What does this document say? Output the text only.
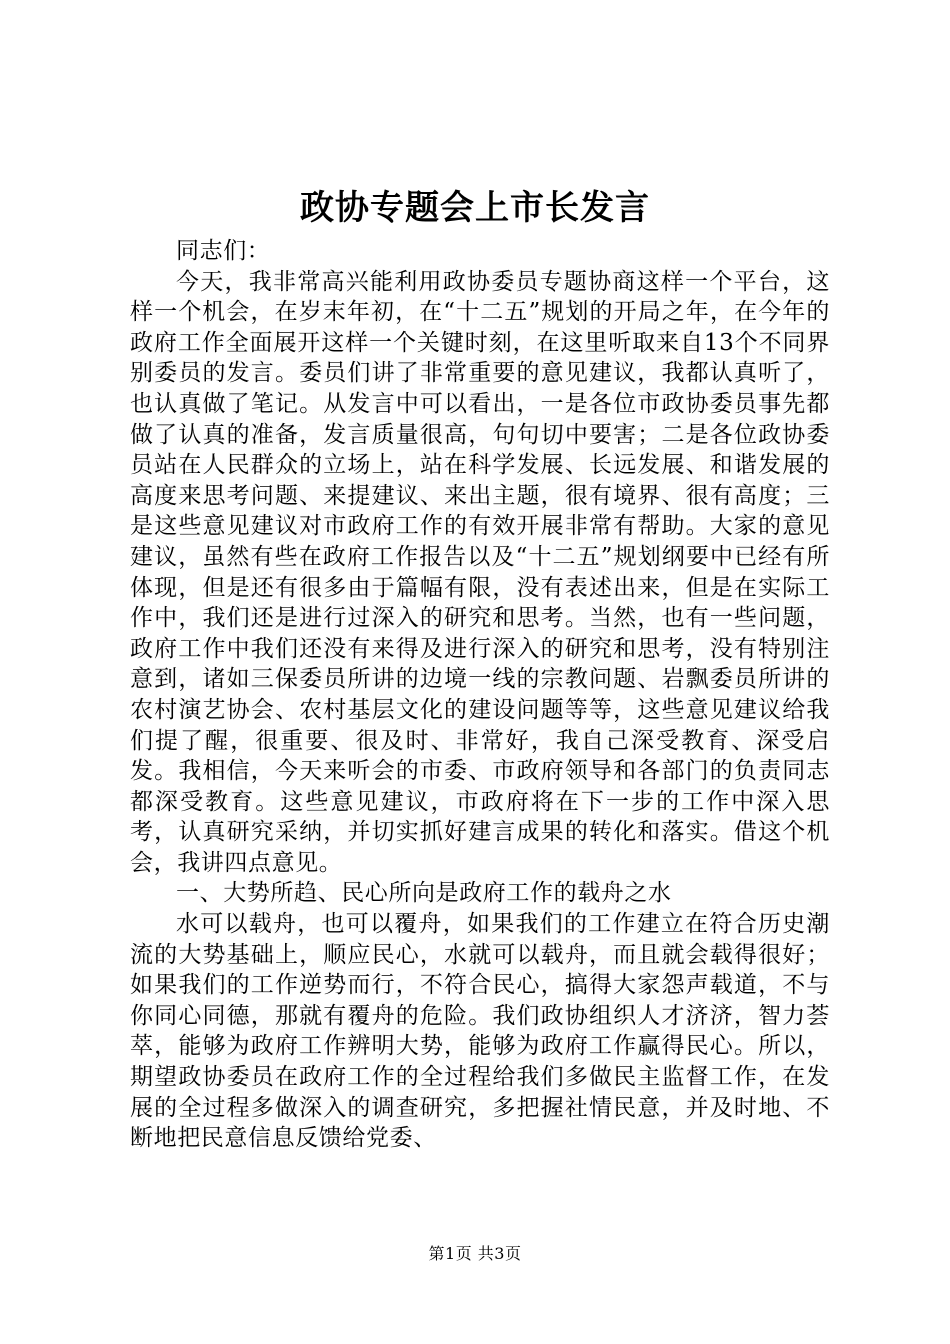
政协专题会上市长发言

同志们：

今天，我非常高兴能利用政协委员专题协商这样一个平台，这样一个机会，在岁末年初，在“十二五”规划的开局之年，在今年的政府工作全面展开这样一个关键时刻，在这里听取来自13个不同界别委员的发言。委员们讲了非常重要的意见建议，我都认真听了，也认真做了笔记。从发言中可以看出，一是各位市政协委员事先都做了认真的准备，发言质量很高，句句切中要害；二是各位政协委员站在人民群众的立场上，站在科学发展、长远发展、和谐发展的高度来思考问题、来提建议、来出主题，很有境界、很有高度；三是这些意见建议对市政府工作的有效开展非常有帮助。大家的意见建议，虽然有些在政府工作报告以及“十二五”规划纲要中已经有所体现，但是还有很多由于篇幅有限，没有表述出来，但是在实际工作中，我们还是进行过深入的研究和思考。当然，也有一些问题，政府工作中我们还没有来得及进行深入的研究和思考，没有特别注意到，诸如三保委员所讲的边境一线的宗教问题、岩飘委员所讲的农村演艺协会、农村基层文化的建设问题等等，这些意见建议给我们提了醒，很重要、很及时、非常好，我自己深受教育、深受启发。我相信，今天来听会的市委、市政府领导和各部门的负责同志都深受教育。这些意见建议，市政府将在下一步的工作中深入思考，认真研究采纳，并切实抓好建言成果的转化和落实。借这个机会，我讲四点意见。

一、大势所趋、民心所向是政府工作的载舟之水

水可以载舟，也可以覆舟，如果我们的工作建立在符合历史潮流的大势基础上，顺应民心，水就可以载舟，而且就会载得很好；如果我们的工作逆势而行，不符合民心，搞得大家怨声载道，不与你同心同德，那就有覆舟的危险。我们政协组织人才济济，智力荟萃，能够为政府工作辨明大势，能够为政府工作赢得民心。所以，期望政协委员在政府工作的全过程给我们多做民主监督工作，在发展的全过程多做深入的调查研究，多把握社情民意，并及时地、不断地把民意信息反馈给党委、

第1页 共3页
